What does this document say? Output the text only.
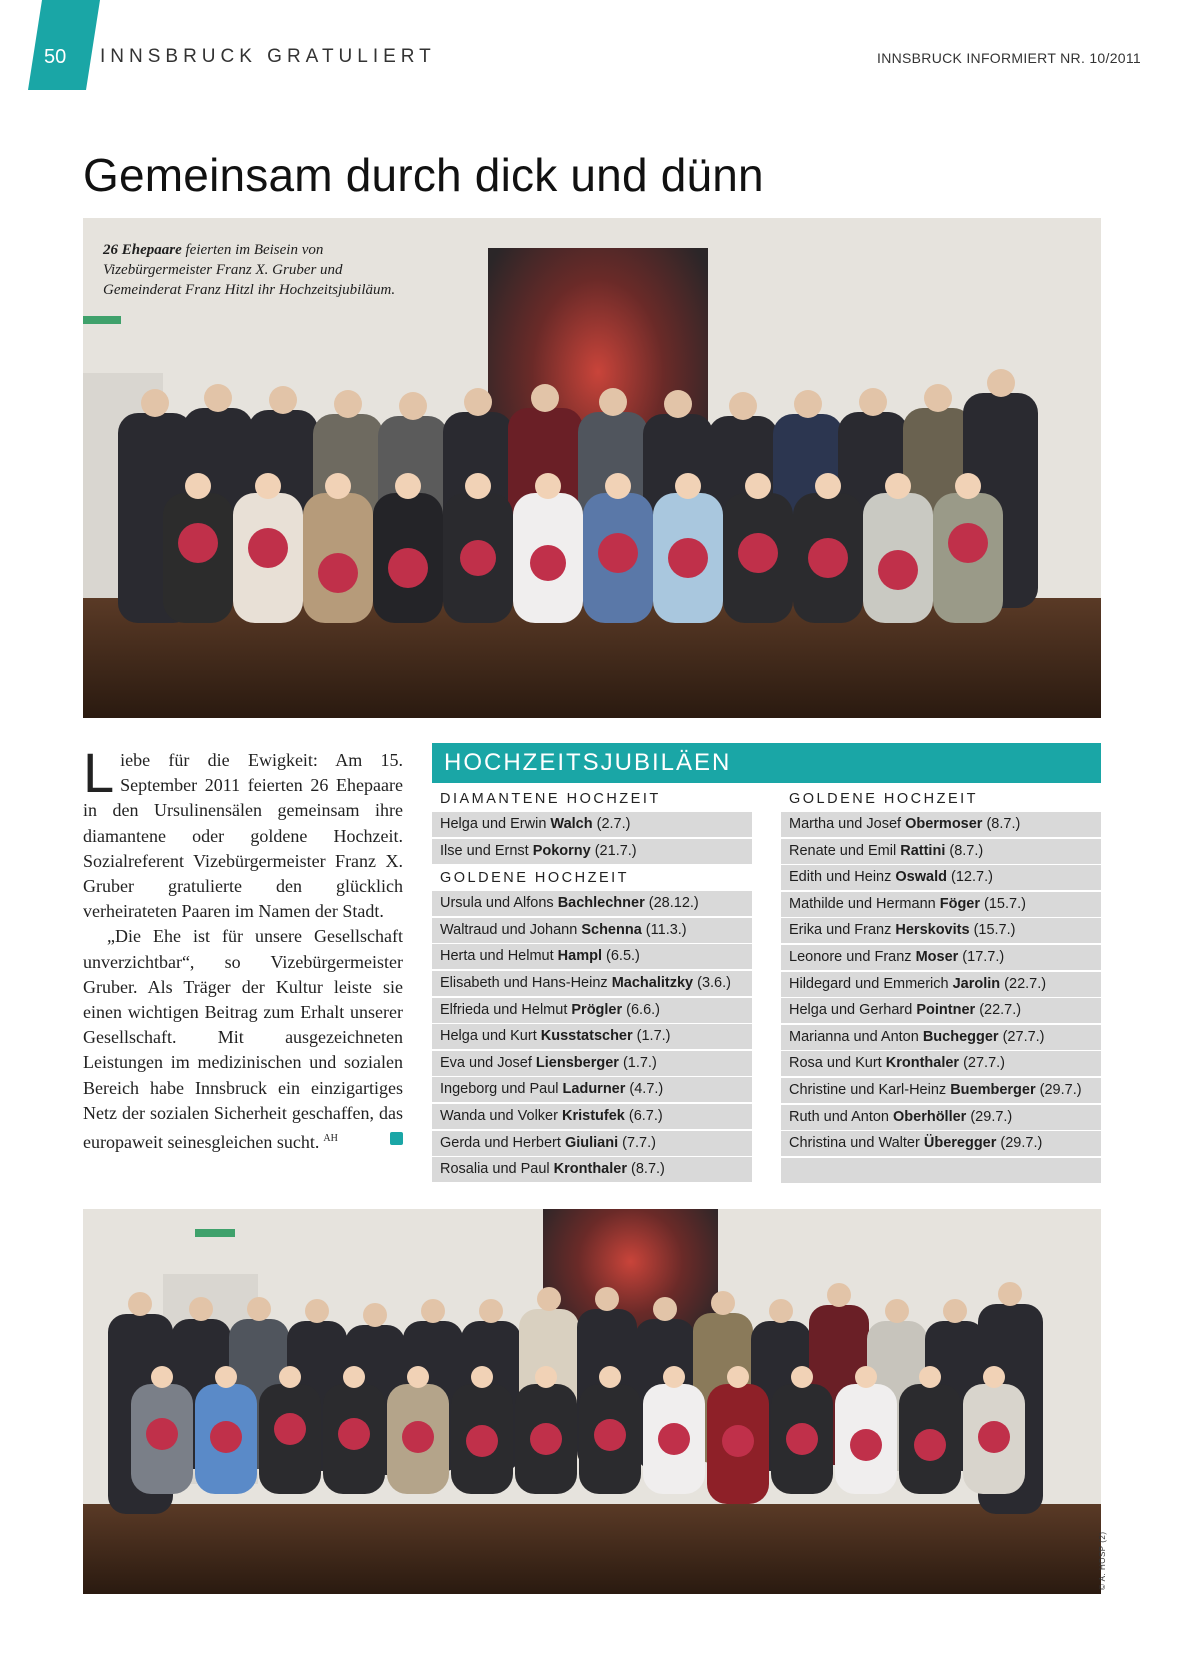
50 INNSBRUCK GRATULIERT	INNSBRUCK INFORMIERT NR. 10/2011
Gemeinsam durch dick und dünn
26 Ehepaare feierten im Beisein von Vizebürgermeister Franz X. Gruber und Gemeinderat Franz Hitzl ihr Hochzeitsjubiläum.

Liebe für die Ewigkeit: Am 15. September 2011 feierten 26 Ehepaare in den Ursulinensälen gemeinsam ihre diamantene oder goldene Hochzeit. Sozialreferent Vizebürgermeister Franz X. Gruber gratulierte den glücklich verheirateten Paaren im Namen der Stadt.

„Die Ehe ist für unsere Gesellschaft unverzichtbar“, so Vizebürgermeister Gruber. Als Träger der Kultur leiste sie einen wichtigen Beitrag zum Erhalt unserer Gesellschaft. Mit ausgezeichneten Leistungen im medizinischen und sozialen Bereich habe Innsbruck ein einzigartiges Netz der sozialen Sicherheit geschaffen, das europaweit seinesgleichen sucht. $^{AH}$

HOCHZEITSJUBILÄEN
DIAMANTENE HOCHZEIT
Helga und Erwin Walch (2.7.)
Ilse und Ernst Pokorny (21.7.)
GOLDENE HOCHZEIT
Ursula und Alfons Bachlechner (28.12.)
Waltraud und Johann Schenna (11.3.)
Herta und Helmut Hampl (6.5.)
Elisabeth und Hans-Heinz Machalitzky (3.6.)
Elfrieda und Helmut Prögler (6.6.)
Helga und Kurt Kusstatscher (1.7.)
Eva und Josef Liensberger (1.7.)
Ingeborg und Paul Ladurner (4.7.)
Wanda und Volker Kristufek (6.7.)
Gerda und Herbert Giuliani (7.7.)
Rosalia und Paul Kronthaler (8.7.)
GOLDENE HOCHZEIT
Martha und Josef Obermoser (8.7.)
Renate und Emil Rattini (8.7.)
Edith und Heinz Oswald (12.7.)
Mathilde und Hermann Föger (15.7.)
Erika und Franz Herskovits (15.7.)
Leonore und Franz Moser (17.7.)
Hildegard und Emmerich Jarolin (22.7.)
Helga und Gerhard Pointner (22.7.)
Marianna und Anton Buchegger (27.7.)
Rosa und Kurt Kronthaler (27.7.)
Christine und Karl-Heinz Buemberger (29.7.)
Ruth und Anton Oberhöller (29.7.)
Christina und Walter Überegger (29.7.)
© A. HOSP (2)
